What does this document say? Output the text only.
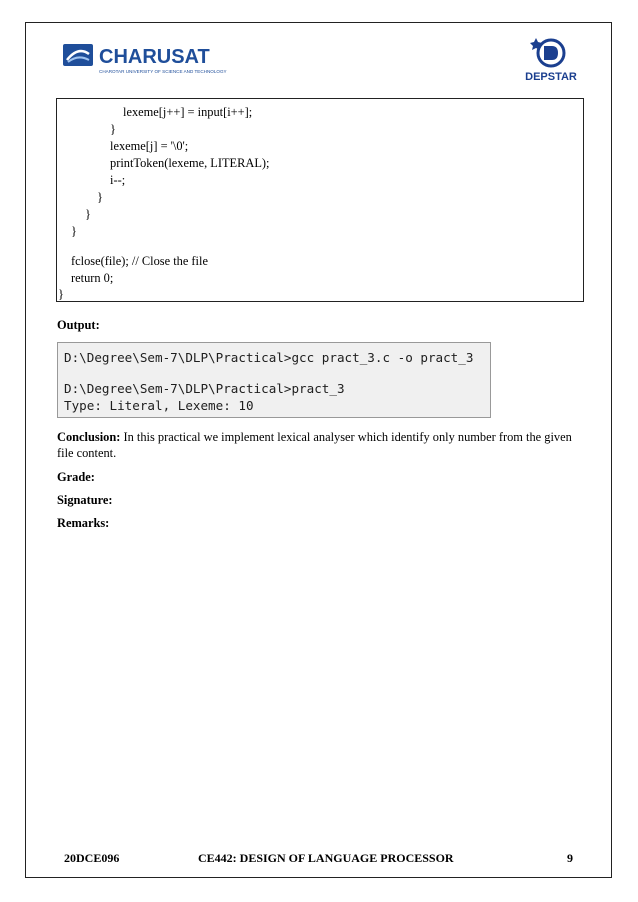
CHARUSAT
CHAROTAR UNIVERSITY OF SCIENCE AND TECHNOLOGY	DEPSTAR
lexeme[j++] = input[i++];
}
lexeme[j] = '\0';
printToken(lexeme, LITERAL);
i--;
}
}
}
fclose(file); // Close the file
return 0;
}
Output:
D:\Degree\Sem-7\DLP\Practical>gcc pract_3.c -o pract_3
D:\Degree\Sem-7\DLP\Practical>pract_3
Type: Literal, Lexeme: 10
Conclusion: In this practical we implement lexical analyser which identify only number from the given file content.
Grade:
Signature:
Remarks:
20DCE096	CE442: DESIGN OF LANGUAGE PROCESSOR	9
